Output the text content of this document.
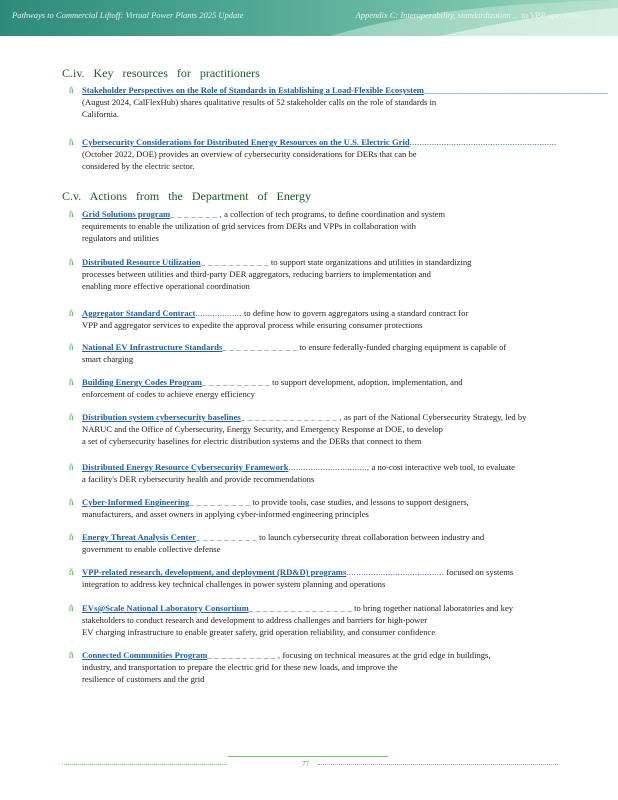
Pathways to Commercial Liftoff: Virtual Power Plants 2025 Update	Appendix C: Interoperability, standardization ... to VPP operations
C.iv. Key resources for practitioners
ñ Stakeholder Perspectives on the Role of Standards in Establishing a Load-Flexible Ecosystem________________________________________
(August 2024, CalFlexHub) shares qualitative results of 52 stakeholder calls on the role of standards in
California.
ñ Cybersecurity Considerations for Distributed Energy Resources on the U.S. Electric Grid............................................................
(October 2022, DOE) provides an overview of cybersecurity considerations for DERs that can be
considered by the electric sector.
C.v. Actions from the Department of Energy
ñ Grid Solutions program_ _ _ _ _ _ _ , a collection of tech programs, to define coordination and system
requirements to enable the utilization of grid services from DERs and VPPs in collaboration with
regulators and utilities
ñ Distributed Resource Utilization_ _ _ _ _ _ _ _ _ _ to support state organizations and utilities in standardizing
processes between utilities and third-party DER aggregators, reducing barriers to implementation and
enabling more effective operational coordination
ñ Aggregator Standard Contract................... to define how to govern aggregators using a standard contract for
VPP and aggregator services to expedite the approval process while ensuring consumer protections
ñ National EV Infrastructure Standards_ _ _ _ _ _ _ _ _ _ _ to ensure federally-funded charging equipment is capable of
smart charging
ñ Building Energy Codes Program_ _ _ _ _ _ _ _ _ _ to support development, adoption, implementation, and
enforcement of codes to achieve energy efficiency
ñ Distribution system cybersecurity baselines_ _ _ _ _ _ _ _ _ _ _ _ _ _ , as part of the National Cybersecurity Strategy, led by
NARUC and the Office of Cybersecurity, Energy Security, and Emergency Response at DOE, to develop
a set of cybersecurity baselines for electric distribution systems and the DERs that connect to them
ñ Distributed Energy Resource Cybersecurity Framework................................, a no-cost interactive web tool, to evaluate
a facility's DER cybersecurity health and provide recommendations
ñ Cyber-Informed Engineering_ _ _ _ _ _ _ _ _ to provide tools, case studies, and lessons to support designers,
manufacturers, and asset owners in applying cyber-informed engineering principles
ñ Energy Threat Analysis Center_ _ _ _ _ _ _ _ _ to launch cybersecurity threat collaboration between industry and
government to enable collective defense
ñ VPP-related research, development, and deployment (RD&D) programs........................................ focused on systems
integration to address key technical challenges in power system planning and operations
ñ EVs@Scale National Laboratory Consortium_ _ _ _ _ _ _ _ _ _ _ _ _ _ _ to bring together national laboratories and key
stakeholders to conduct research and development to address challenges and barriers for high-power
EV charging infrastructure to enable greater safety, grid operation reliability, and consumer confidence
ñ Connected Communities Program_ _ _ _ _ _ _ _ _ _ , focusing on technical measures at the grid edge in buildings,
industry, and transportation to prepare the electric grid for these new loads, and improve the
resilience of customers and the grid
77
